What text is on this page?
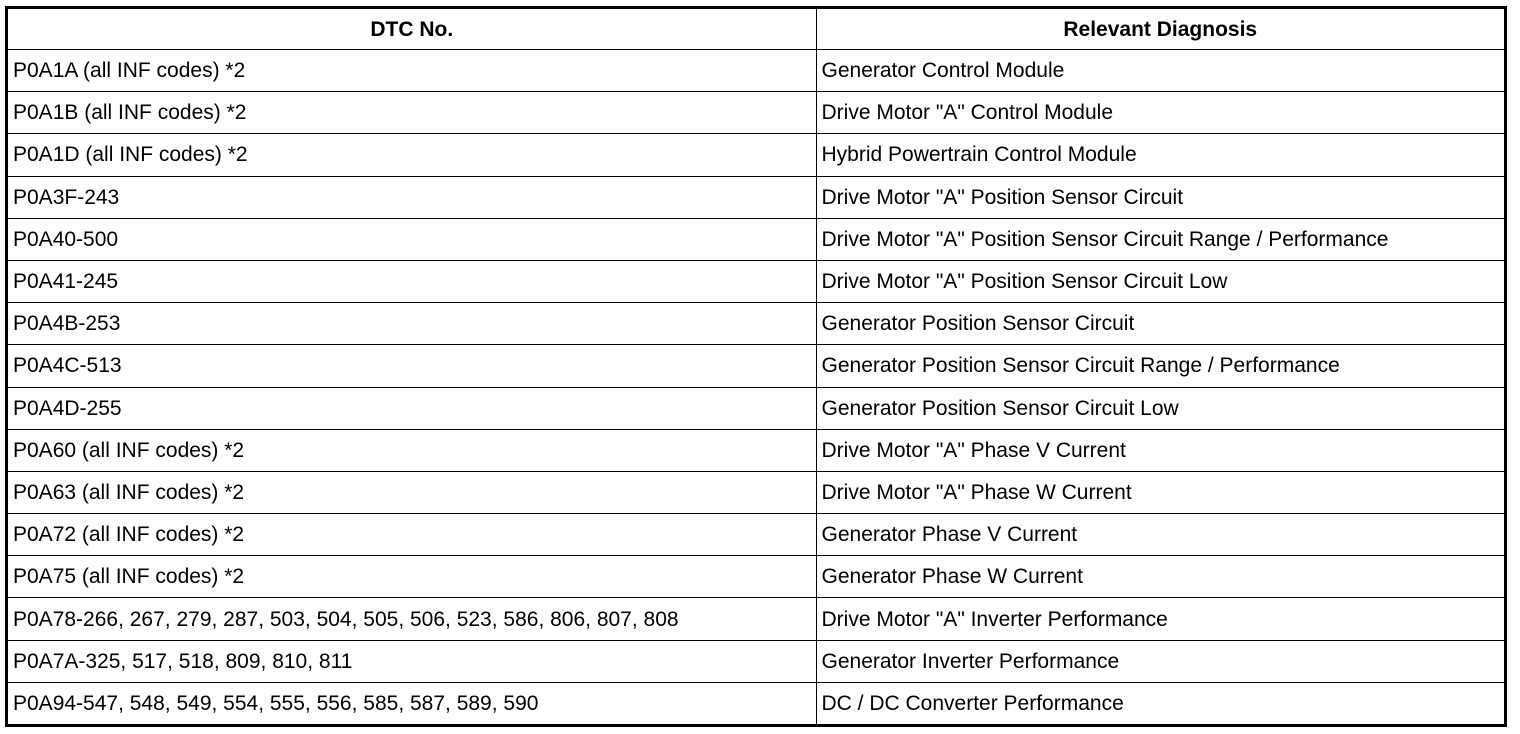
DTC No.	Relevant Diagnosis
P0A1A (all INF codes) *2	Generator Control Module
P0A1B (all INF codes) *2	Drive Motor "A" Control Module
P0A1D (all INF codes) *2	Hybrid Powertrain Control Module
P0A3F-243	Drive Motor "A" Position Sensor Circuit
P0A40-500	Drive Motor "A" Position Sensor Circuit Range / Performance
P0A41-245	Drive Motor "A" Position Sensor Circuit Low
P0A4B-253	Generator Position Sensor Circuit
P0A4C-513	Generator Position Sensor Circuit Range / Performance
P0A4D-255	Generator Position Sensor Circuit Low
P0A60 (all INF codes) *2	Drive Motor "A" Phase V Current
P0A63 (all INF codes) *2	Drive Motor "A" Phase W Current
P0A72 (all INF codes) *2	Generator Phase V Current
P0A75 (all INF codes) *2	Generator Phase W Current
P0A78-266, 267, 279, 287, 503, 504, 505, 506, 523, 586, 806, 807, 808	Drive Motor "A" Inverter Performance
P0A7A-325, 517, 518, 809, 810, 811	Generator Inverter Performance
P0A94-547, 548, 549, 554, 555, 556, 585, 587, 589, 590	DC / DC Converter Performance
